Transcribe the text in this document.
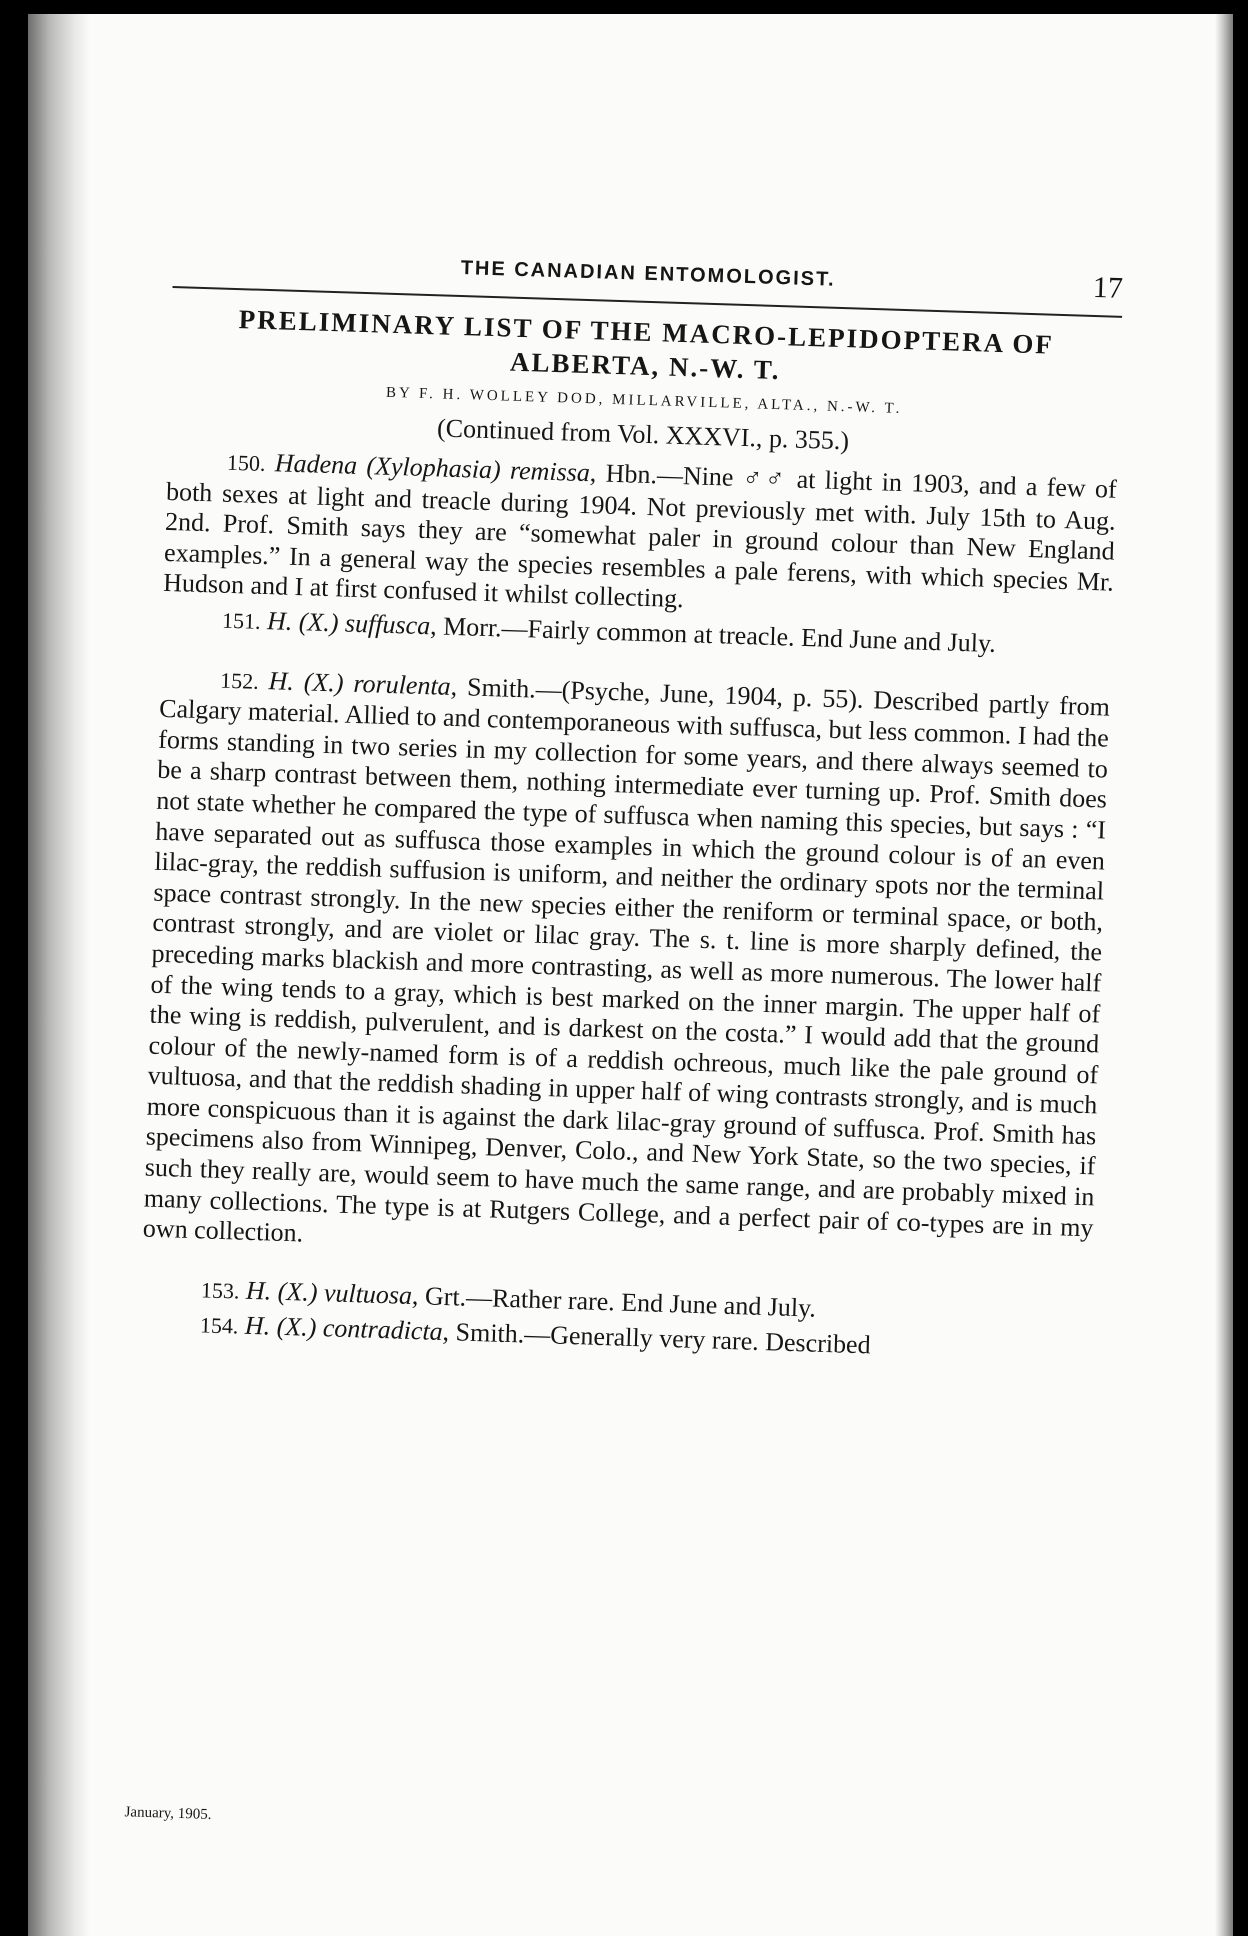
THE CANADIAN ENTOMOLOGIST.	17
PRELIMINARY LIST OF THE MACRO-LEPIDOPTERA OF ALBERTA, N.-W. T.
BY F. H. WOLLEY DOD, MILLARVILLE, ALTA., N.-W. T.
(Continued from Vol. XXXVI., p. 355.)

150. Hadena (Xylophasia) remissa, Hbn.—Nine ♂♂ at light in 1903, and a few of both sexes at light and treacle during 1904. Not previously met with. July 15th to Aug. 2nd. Prof. Smith says they are “somewhat paler in ground colour than New England examples.” In a general way the species resembles a pale ferens, with which species Mr. Hudson and I at first confused it whilst collecting.

151. H. (X.) suffusca, Morr.—Fairly common at treacle. End June and July.

152. H. (X.) rorulenta, Smith.—(Psyche, June, 1904, p. 55). Described partly from Calgary material. Allied to and contemporaneous with suffusca, but less common. I had the forms standing in two series in my collection for some years, and there always seemed to be a sharp contrast between them, nothing intermediate ever turning up. Prof. Smith does not state whether he compared the type of suffusca when naming this species, but says : “I have separated out as suffusca those examples in which the ground colour is of an even lilac-gray, the reddish suffusion is uniform, and neither the ordinary spots nor the terminal space contrast strongly. In the new species either the reniform or terminal space, or both, contrast strongly, and are violet or lilac gray. The s. t. line is more sharply defined, the preceding marks blackish and more contrasting, as well as more numerous. The lower half of the wing tends to a gray, which is best marked on the inner margin. The upper half of the wing is reddish, pulverulent, and is darkest on the costa.” I would add that the ground colour of the newly-named form is of a reddish ochreous, much like the pale ground of vultuosa, and that the reddish shading in upper half of wing contrasts strongly, and is much more conspicuous than it is against the dark lilac-gray ground of suffusca. Prof. Smith has specimens also from Winnipeg, Denver, Colo., and New York State, so the two species, if such they really are, would seem to have much the same range, and are probably mixed in many collections. The type is at Rutgers College, and a perfect pair of co-types are in my own collection.

153. H. (X.) vultuosa, Grt.—Rather rare. End June and July.

154. H. (X.) contradicta, Smith.—Generally very rare. Described

January, 1905.
